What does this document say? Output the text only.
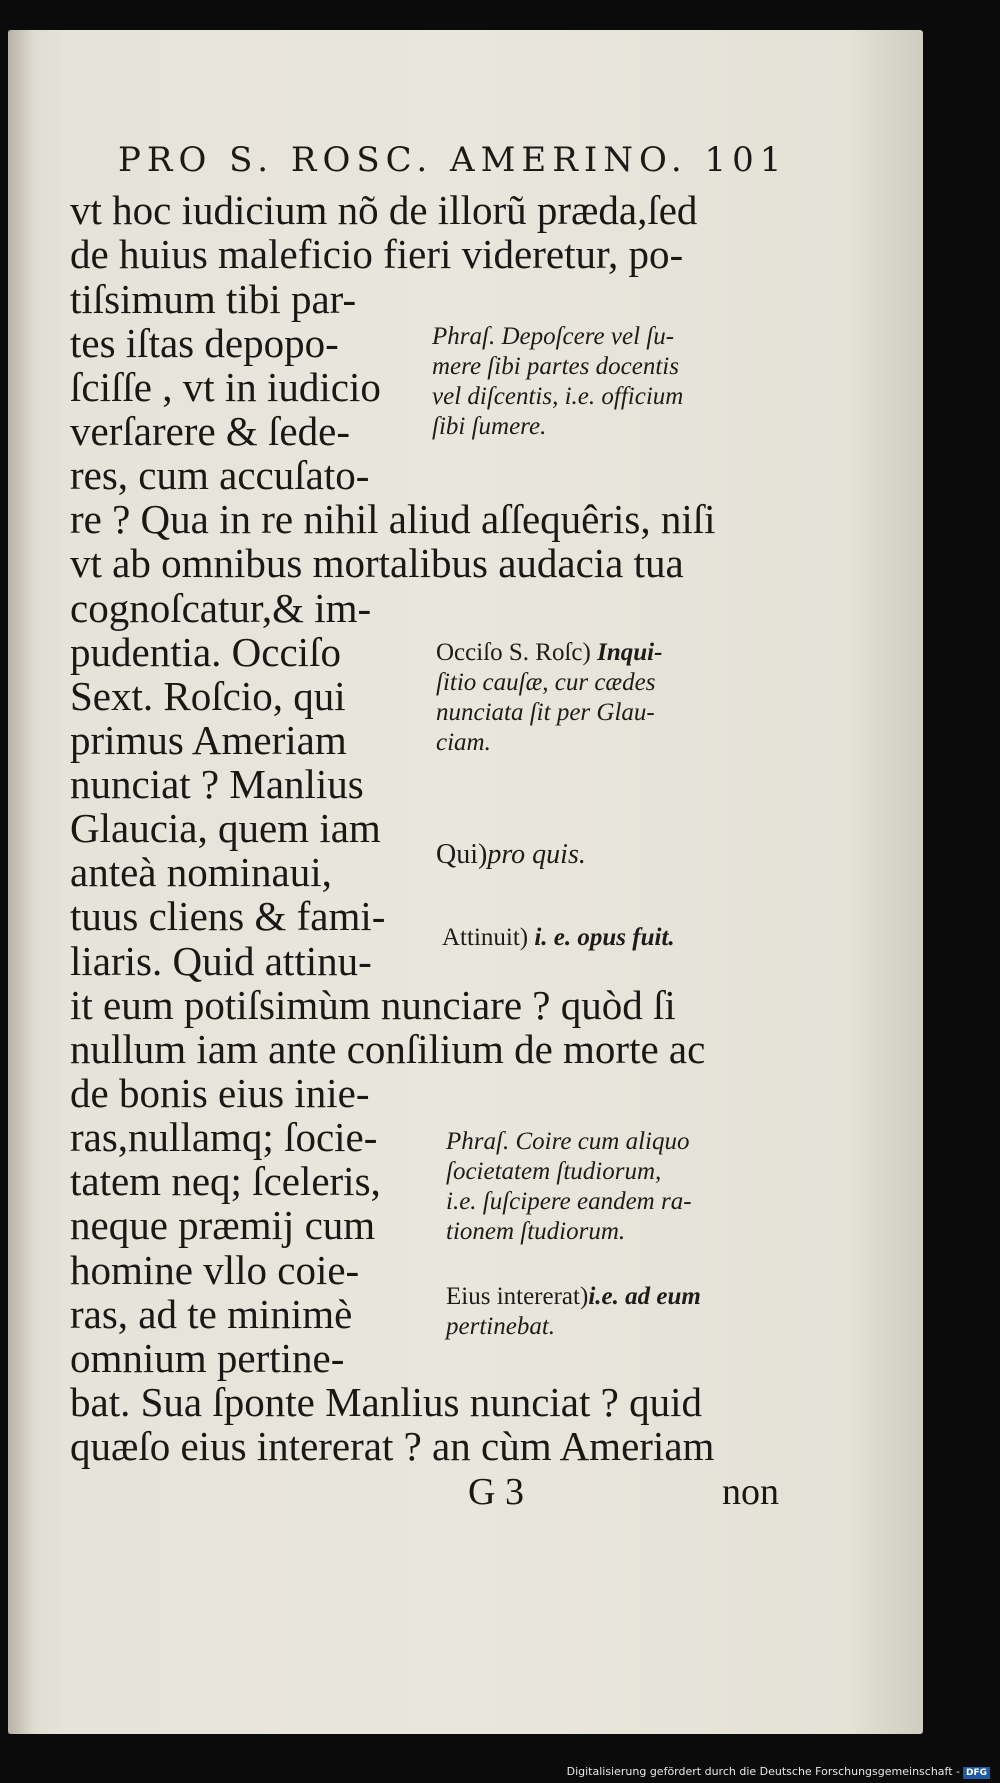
PRO S. ROSC. AMERINO. 101
vt hoc iudicium nõ de illorũ præda,ſed
de huius maleficio fieri videretur, po-
tiſsimum tibi par-
tes iſtas depopo-
ſciſſe , vt in iudicio
verſarere & ſede-
res, cum accuſato-
re ? Qua in re nihil aliud aſſequêris, niſi
vt ab omnibus mortalibus audacia tua
cognoſcatur,& im-
pudentia. Occiſo
Sext. Roſcio, qui
primus Ameriam
nunciat ? Manlius
Glaucia, quem iam
anteà nominaui,
tuus cliens & fami-
liaris. Quid attinu-
it eum potiſsimùm nunciare ? quòd ſi
nullum iam ante conſilium de morte ac
de bonis eius inie-
ras,nullamq; ſocie-
tatem neq; ſceleris,
neque præmij cum
homine vllo coie-
ras, ad te minimè
omnium pertine-
bat. Sua ſponte Manlius nunciat ? quid
quæſo eius intererat ? an cùm Ameriam
Phraſ. Depoſcere vel ſu-
mere ſibi partes docentis
vel diſcentis, i.e. officium
ſibi ſumere.
Occiſo S. Roſc) Inqui-
ſitio cauſæ, cur cædes
nunciata ſit per Glau-
ciam.
Qui)pro quis.
Attinuit) i. e. opus fuit.
Phraſ. Coire cum aliquo
ſocietatem ſtudiorum,
i.e. ſuſcipere eandem ra-
tionem ſtudiorum.
Eius intererat)i.e. ad eum
pertinebat.
G 3	non
Digitalisierung gefördert durch die Deutsche Forschungsgemeinschaft - DFG
